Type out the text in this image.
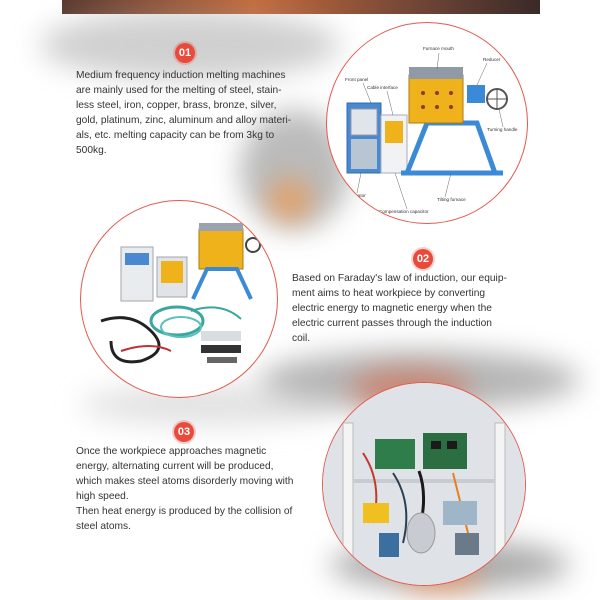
01
Medium frequency induction melting machines
are mainly used for the melting of steel, stain-
less steel, iron, copper, brass, bronze, silver,
gold, platinum, zinc, aluminum and alloy materi-
als, etc. melting capacity can be from 3kg to
500kg.
Furnace mouth
Front panel
Cable interface
Reducer
Turning handle
Generator
Tilting furnace
Compensation capacitor
02
Based on Faraday's law of induction, our equip-
ment aims to heat workpiece by converting
electric energy to magnetic energy when the
electric current passes through the induction
coil.
03
Once the workpiece approaches magnetic
energy, alternating current will be produced,
which makes steel atoms disorderly moving with
high speed.
Then heat energy is produced by the collision of
steel atoms.
